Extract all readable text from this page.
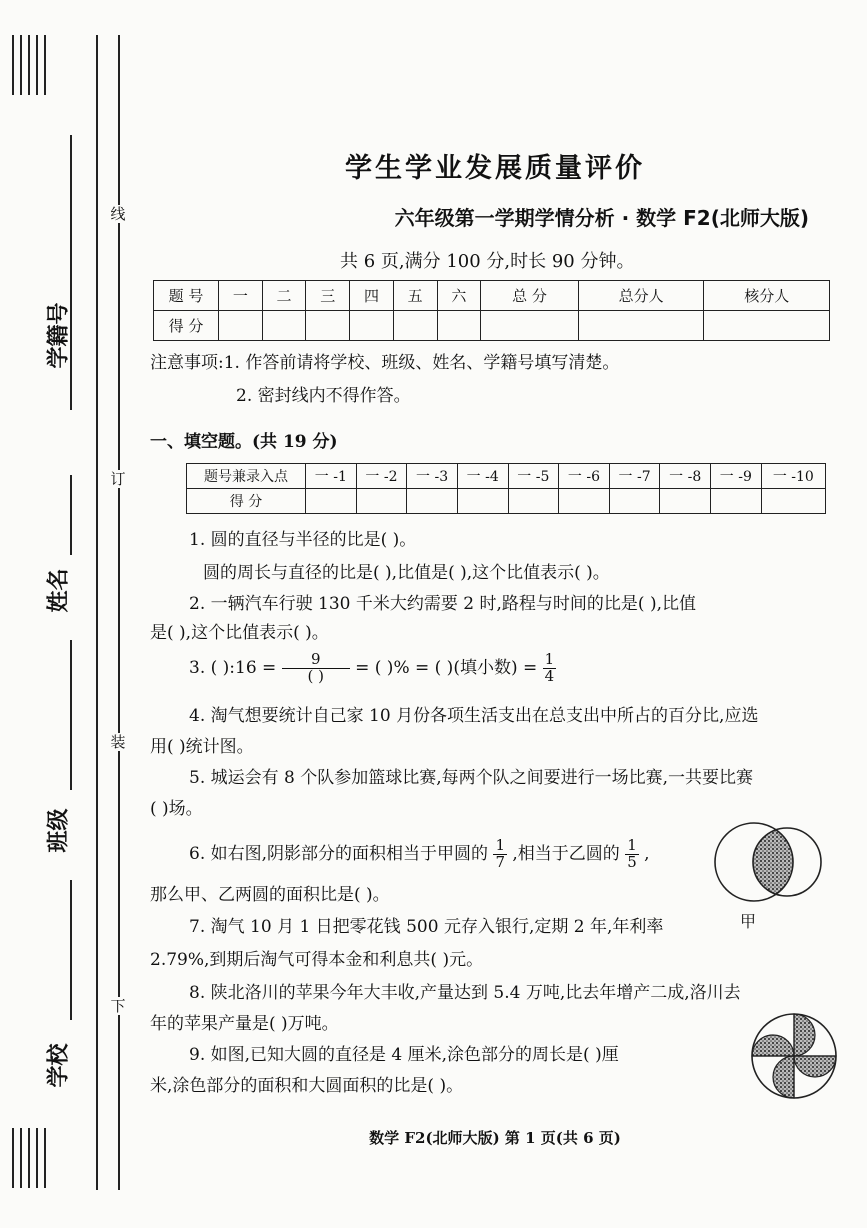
学籍号
姓名
班级
学校
线
订
装
下
学生学业发展质量评价
六年级第一学期学情分析 · 数学 F2(北师大版)
共 6 页,满分 100 分,时长 90 分钟。
题 号	一	二	三	四	五	六	总 分	总分人	核分人
得 分									
注意事项:1. 作答前请将学校、班级、姓名、学籍号填写清楚。
2. 密封线内不得作答。
一、填空题。(共 19 分)
题号兼录入点	一 -1	一 -2	一 -3	一 -4	一 -5	一 -6	一 -7	一 -8	一 -9	一 -10
得 分										
1. 圆的直径与半径的比是( )。
圆的周长与直径的比是( ),比值是( ),这个比值表示( )。
2. 一辆汽车行驶 130 千米大约需要 2 时,路程与时间的比是( ),比值
是( ),这个比值表示( )。
3. ( ):16 = $\frac{9}{( )}$ = ( )% = ( )(填小数) = $\frac{1}{4}$
4. 淘气想要统计自己家 10 月份各项生活支出在总支出中所占的百分比,应选
用( )统计图。
5. 城运会有 8 个队参加篮球比赛,每两个队之间要进行一场比赛,一共要比赛
( )场。
6. 如右图,阴影部分的面积相当于甲圆的 $\frac{1}{7}$ ,相当于乙圆的 $\frac{1}{5}$ ,
那么甲、乙两圆的面积比是( )。
甲
7. 淘气 10 月 1 日把零花钱 500 元存入银行,定期 2 年,年利率
2.79%,到期后淘气可得本金和利息共( )元。
8. 陕北洛川的苹果今年大丰收,产量达到 5.4 万吨,比去年增产二成,洛川去
年的苹果产量是( )万吨。
9. 如图,已知大圆的直径是 4 厘米,涂色部分的周长是( )厘
米,涂色部分的面积和大圆面积的比是( )。
数学 F2(北师大版) 第 1 页(共 6 页)
